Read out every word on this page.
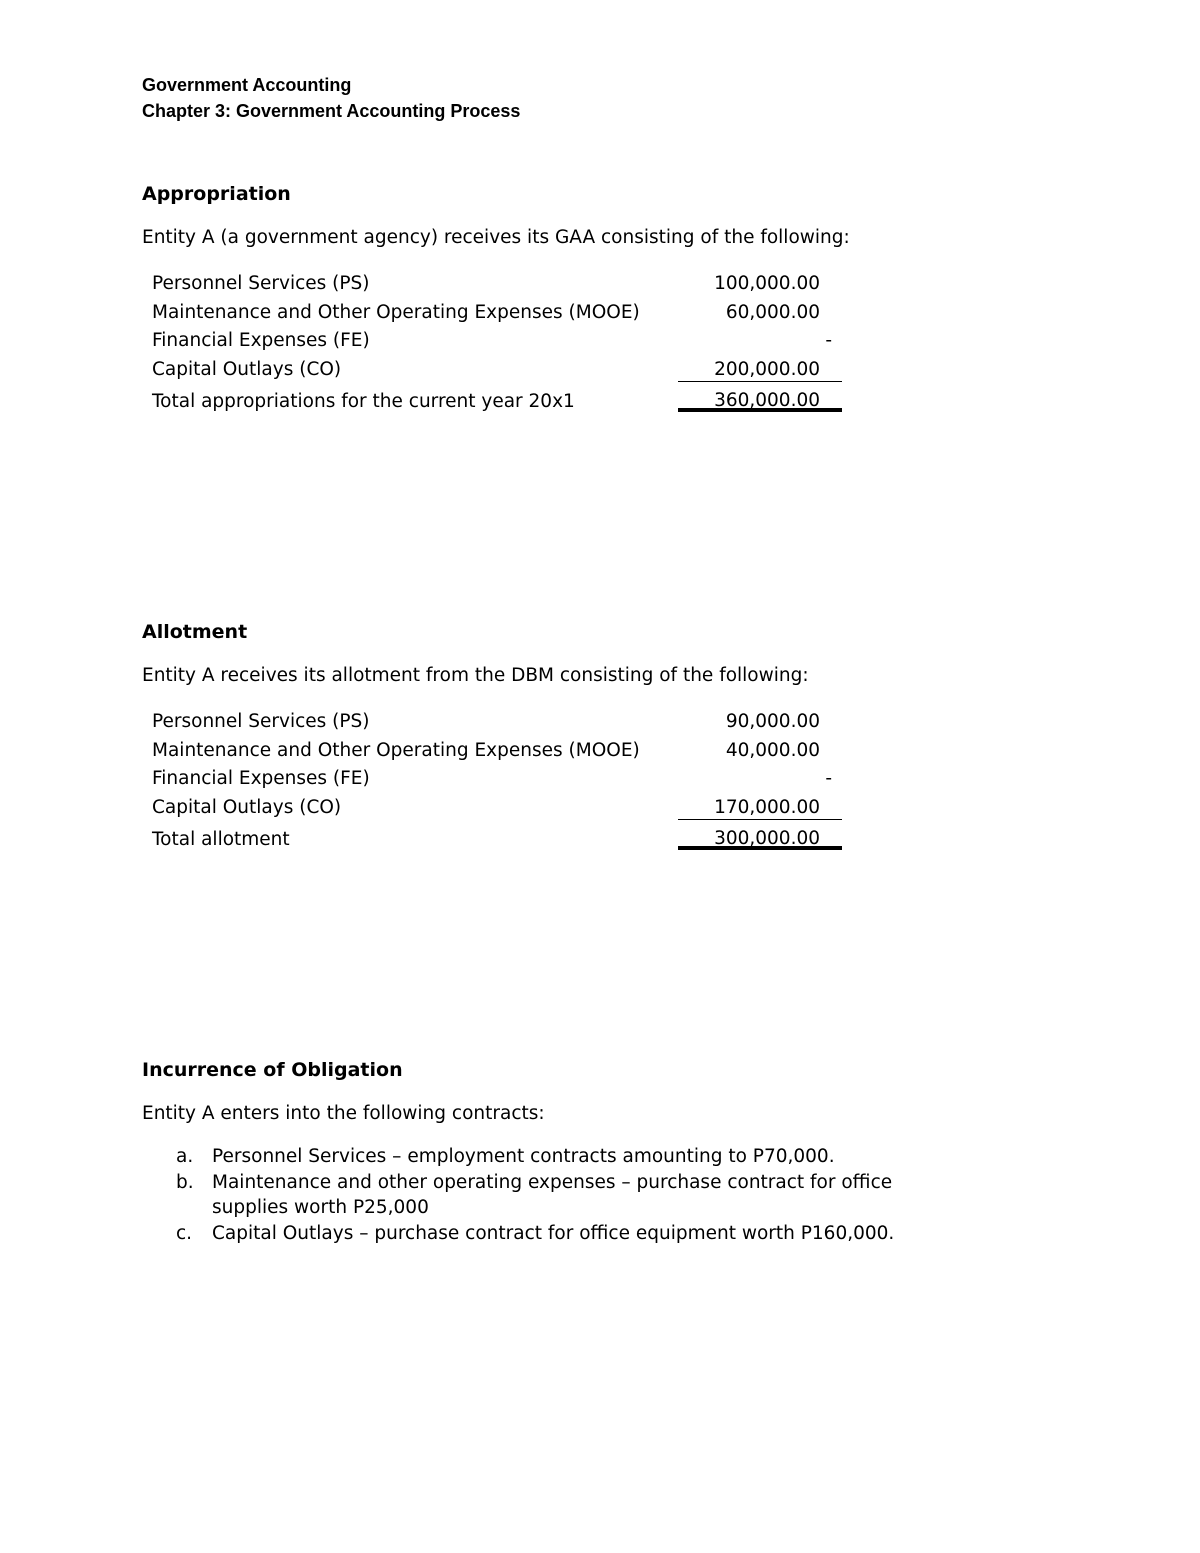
Government Accounting
Chapter 3: Government Accounting Process
Appropriation
Entity A (a government agency) receives its GAA consisting of the following:
Personnel Services (PS)	100,000.00
Maintenance and Other Operating Expenses (MOOE)	60,000.00
Financial Expenses (FE)	-
Capital Outlays (CO)	200,000.00
Total appropriations for the current year 20x1	360,000.00
Allotment
Entity A receives its allotment from the DBM consisting of the following:
Personnel Services (PS)	90,000.00
Maintenance and Other Operating Expenses (MOOE)	40,000.00
Financial Expenses (FE)	-
Capital Outlays (CO)	170,000.00
Total allotment	300,000.00
Incurrence of Obligation
Entity A enters into the following contracts:
a. Personnel Services – employment contracts amounting to P70,000.
b. Maintenance and other operating expenses – purchase contract for office supplies worth P25,000
c. Capital Outlays – purchase contract for office equipment worth P160,000.
